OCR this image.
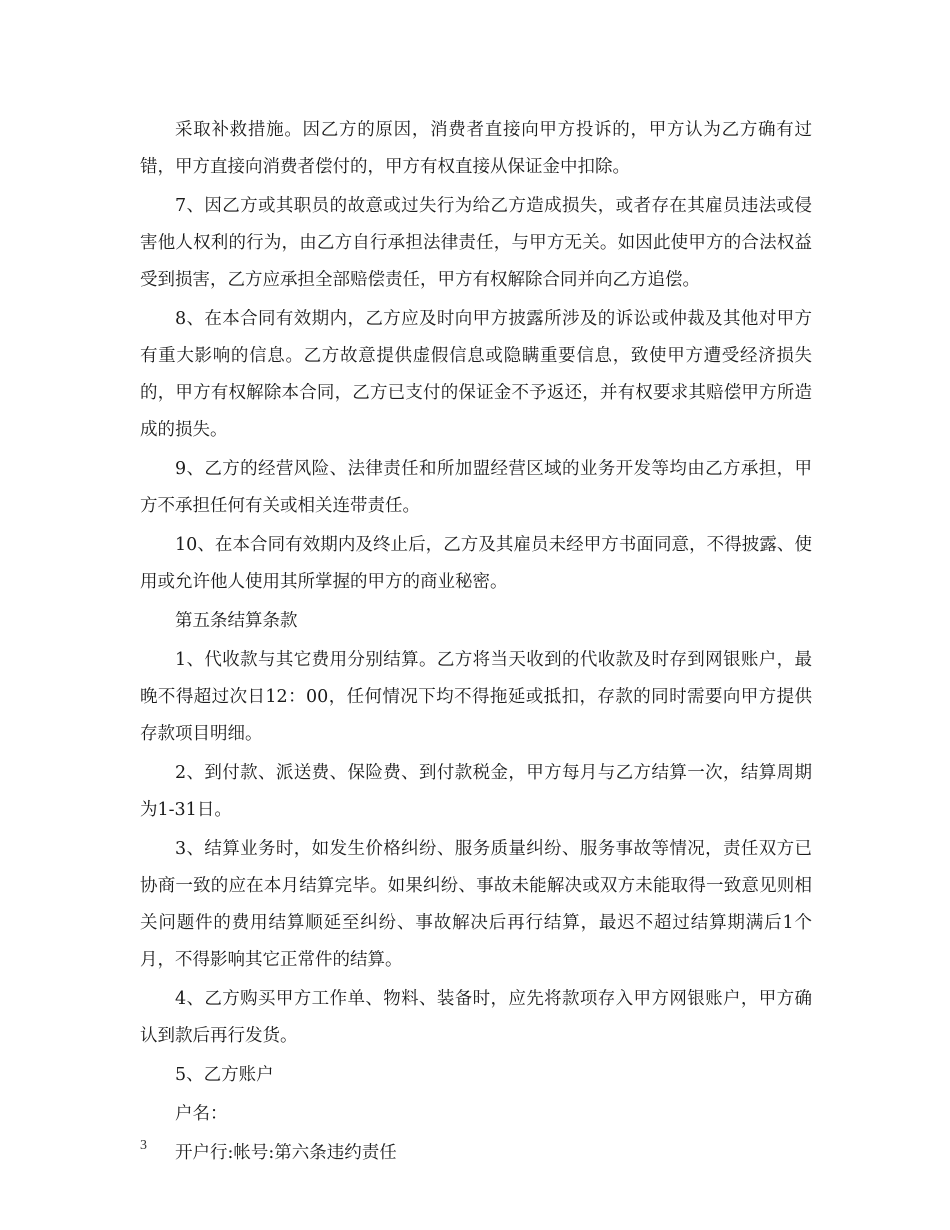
采取补救措施。因乙方的原因，消费者直接向甲方投诉的，甲方认为乙方确有过错，甲方直接向消费者偿付的，甲方有权直接从保证金中扣除。

7、因乙方或其职员的故意或过失行为给乙方造成损失，或者存在其雇员违法或侵害他人权利的行为，由乙方自行承担法律责任，与甲方无关。如因此使甲方的合法权益受到损害，乙方应承担全部赔偿责任，甲方有权解除合同并向乙方追偿。

8、在本合同有效期内，乙方应及时向甲方披露所涉及的诉讼或仲裁及其他对甲方有重大影响的信息。乙方故意提供虚假信息或隐瞒重要信息，致使甲方遭受经济损失的，甲方有权解除本合同，乙方已支付的保证金不予返还，并有权要求其赔偿甲方所造成的损失。

9、乙方的经营风险、法律责任和所加盟经营区域的业务开发等均由乙方承担，甲方不承担任何有关或相关连带责任。

10、在本合同有效期内及终止后，乙方及其雇员未经甲方书面同意，不得披露、使用或允许他人使用其所掌握的甲方的商业秘密。

第五条结算条款

1、代收款与其它费用分别结算。乙方将当天收到的代收款及时存到网银账户，最晚不得超过次日12：00，任何情况下均不得拖延或抵扣，存款的同时需要向甲方提供存款项目明细。

2、到付款、派送费、保险费、到付款税金，甲方每月与乙方结算一次，结算周期为1-31日。

3、结算业务时，如发生价格纠纷、服务质量纠纷、服务事故等情况，责任双方已协商一致的应在本月结算完毕。如果纠纷、事故未能解决或双方未能取得一致意见则相关问题件的费用结算顺延至纠纷、事故解决后再行结算，最迟不超过结算期满后1个月，不得影响其它正常件的结算。

4、乙方购买甲方工作单、物料、装备时，应先将款项存入甲方网银账户，甲方确认到款后再行发货。

5、乙方账户

户名：

开户行:帐号:第六条违约责任

3
